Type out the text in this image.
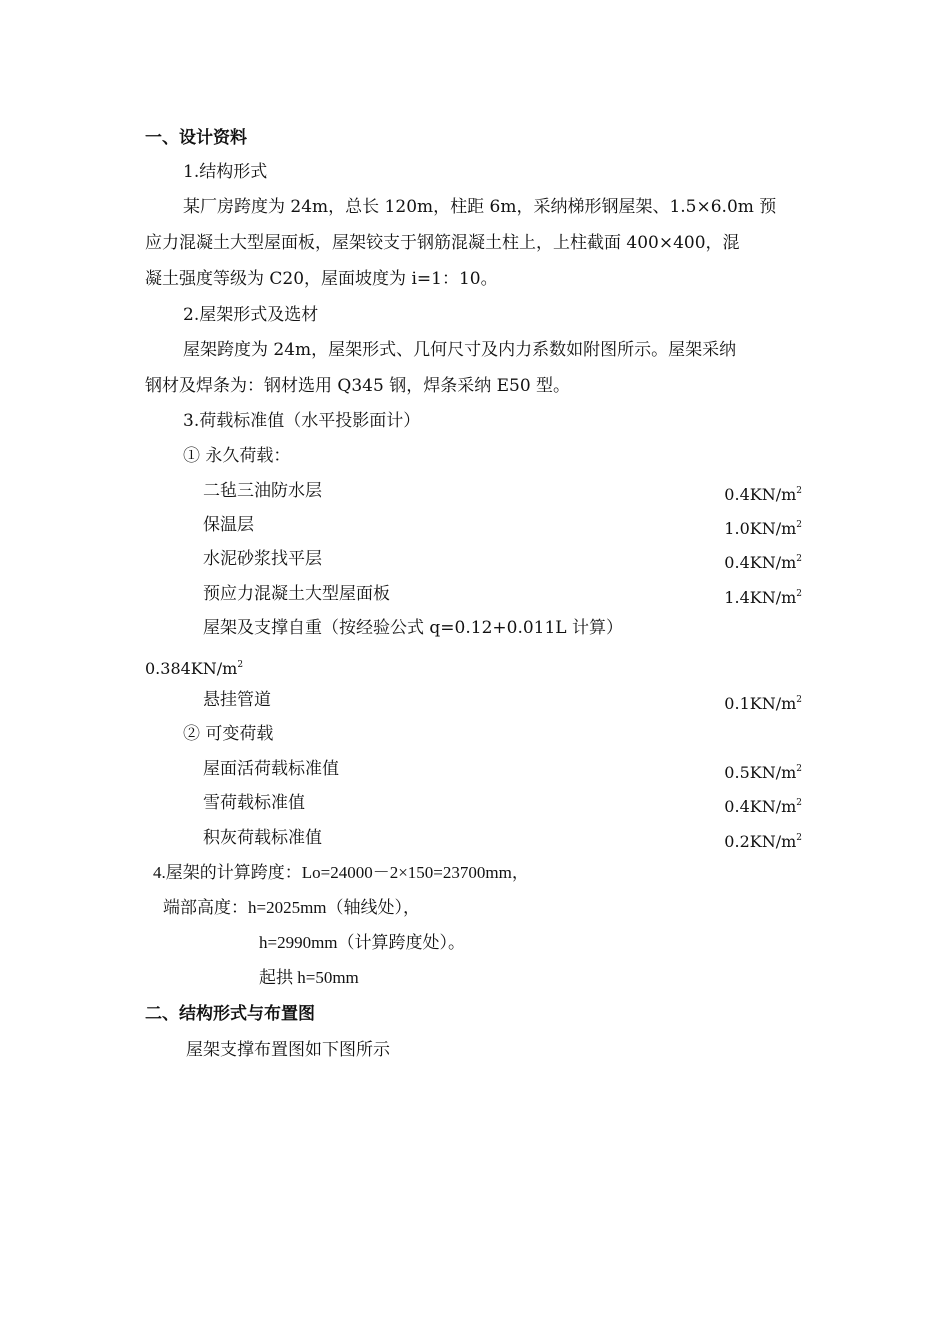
一、设计资料
1.结构形式
某厂房跨度为 24m，总长 120m，柱距 6m，采纳梯形钢屋架、1.5×6.0m 预
应力混凝土大型屋面板，屋架铰支于钢筋混凝土柱上，上柱截面 400×400，混
凝土强度等级为 C20，屋面坡度为 i=1：10。
2.屋架形式及选材
屋架跨度为 24m，屋架形式、几何尺寸及内力系数如附图所示。屋架采纳
钢材及焊条为：钢材选用 Q345 钢，焊条采纳 E50 型。
3.荷载标准值（水平投影面计）
① 永久荷载：
二毡三油防水层	$0.4KN/m^2$
保温层	$1.0KN/m^2$
水泥砂浆找平层	$0.4KN/m^2$
预应力混凝土大型屋面板	$1.4KN/m^2$
屋架及支撑自重（按经验公式 q=0.12+0.011L 计算）
$0.384KN/m^2$
悬挂管道	$0.1KN/m^2$
② 可变荷载
屋面活荷载标准值	$0.5KN/m^2$
雪荷载标准值	$0.4KN/m^2$
积灰荷载标准值	$0.2KN/m^2$
4.屋架的计算跨度：Lo=24000－2×150=23700mm，
端部高度：h=2025mm（轴线处），
h=2990mm（计算跨度处）。
起拱 h=50mm
二、结构形式与布置图
屋架支撑布置图如下图所示
